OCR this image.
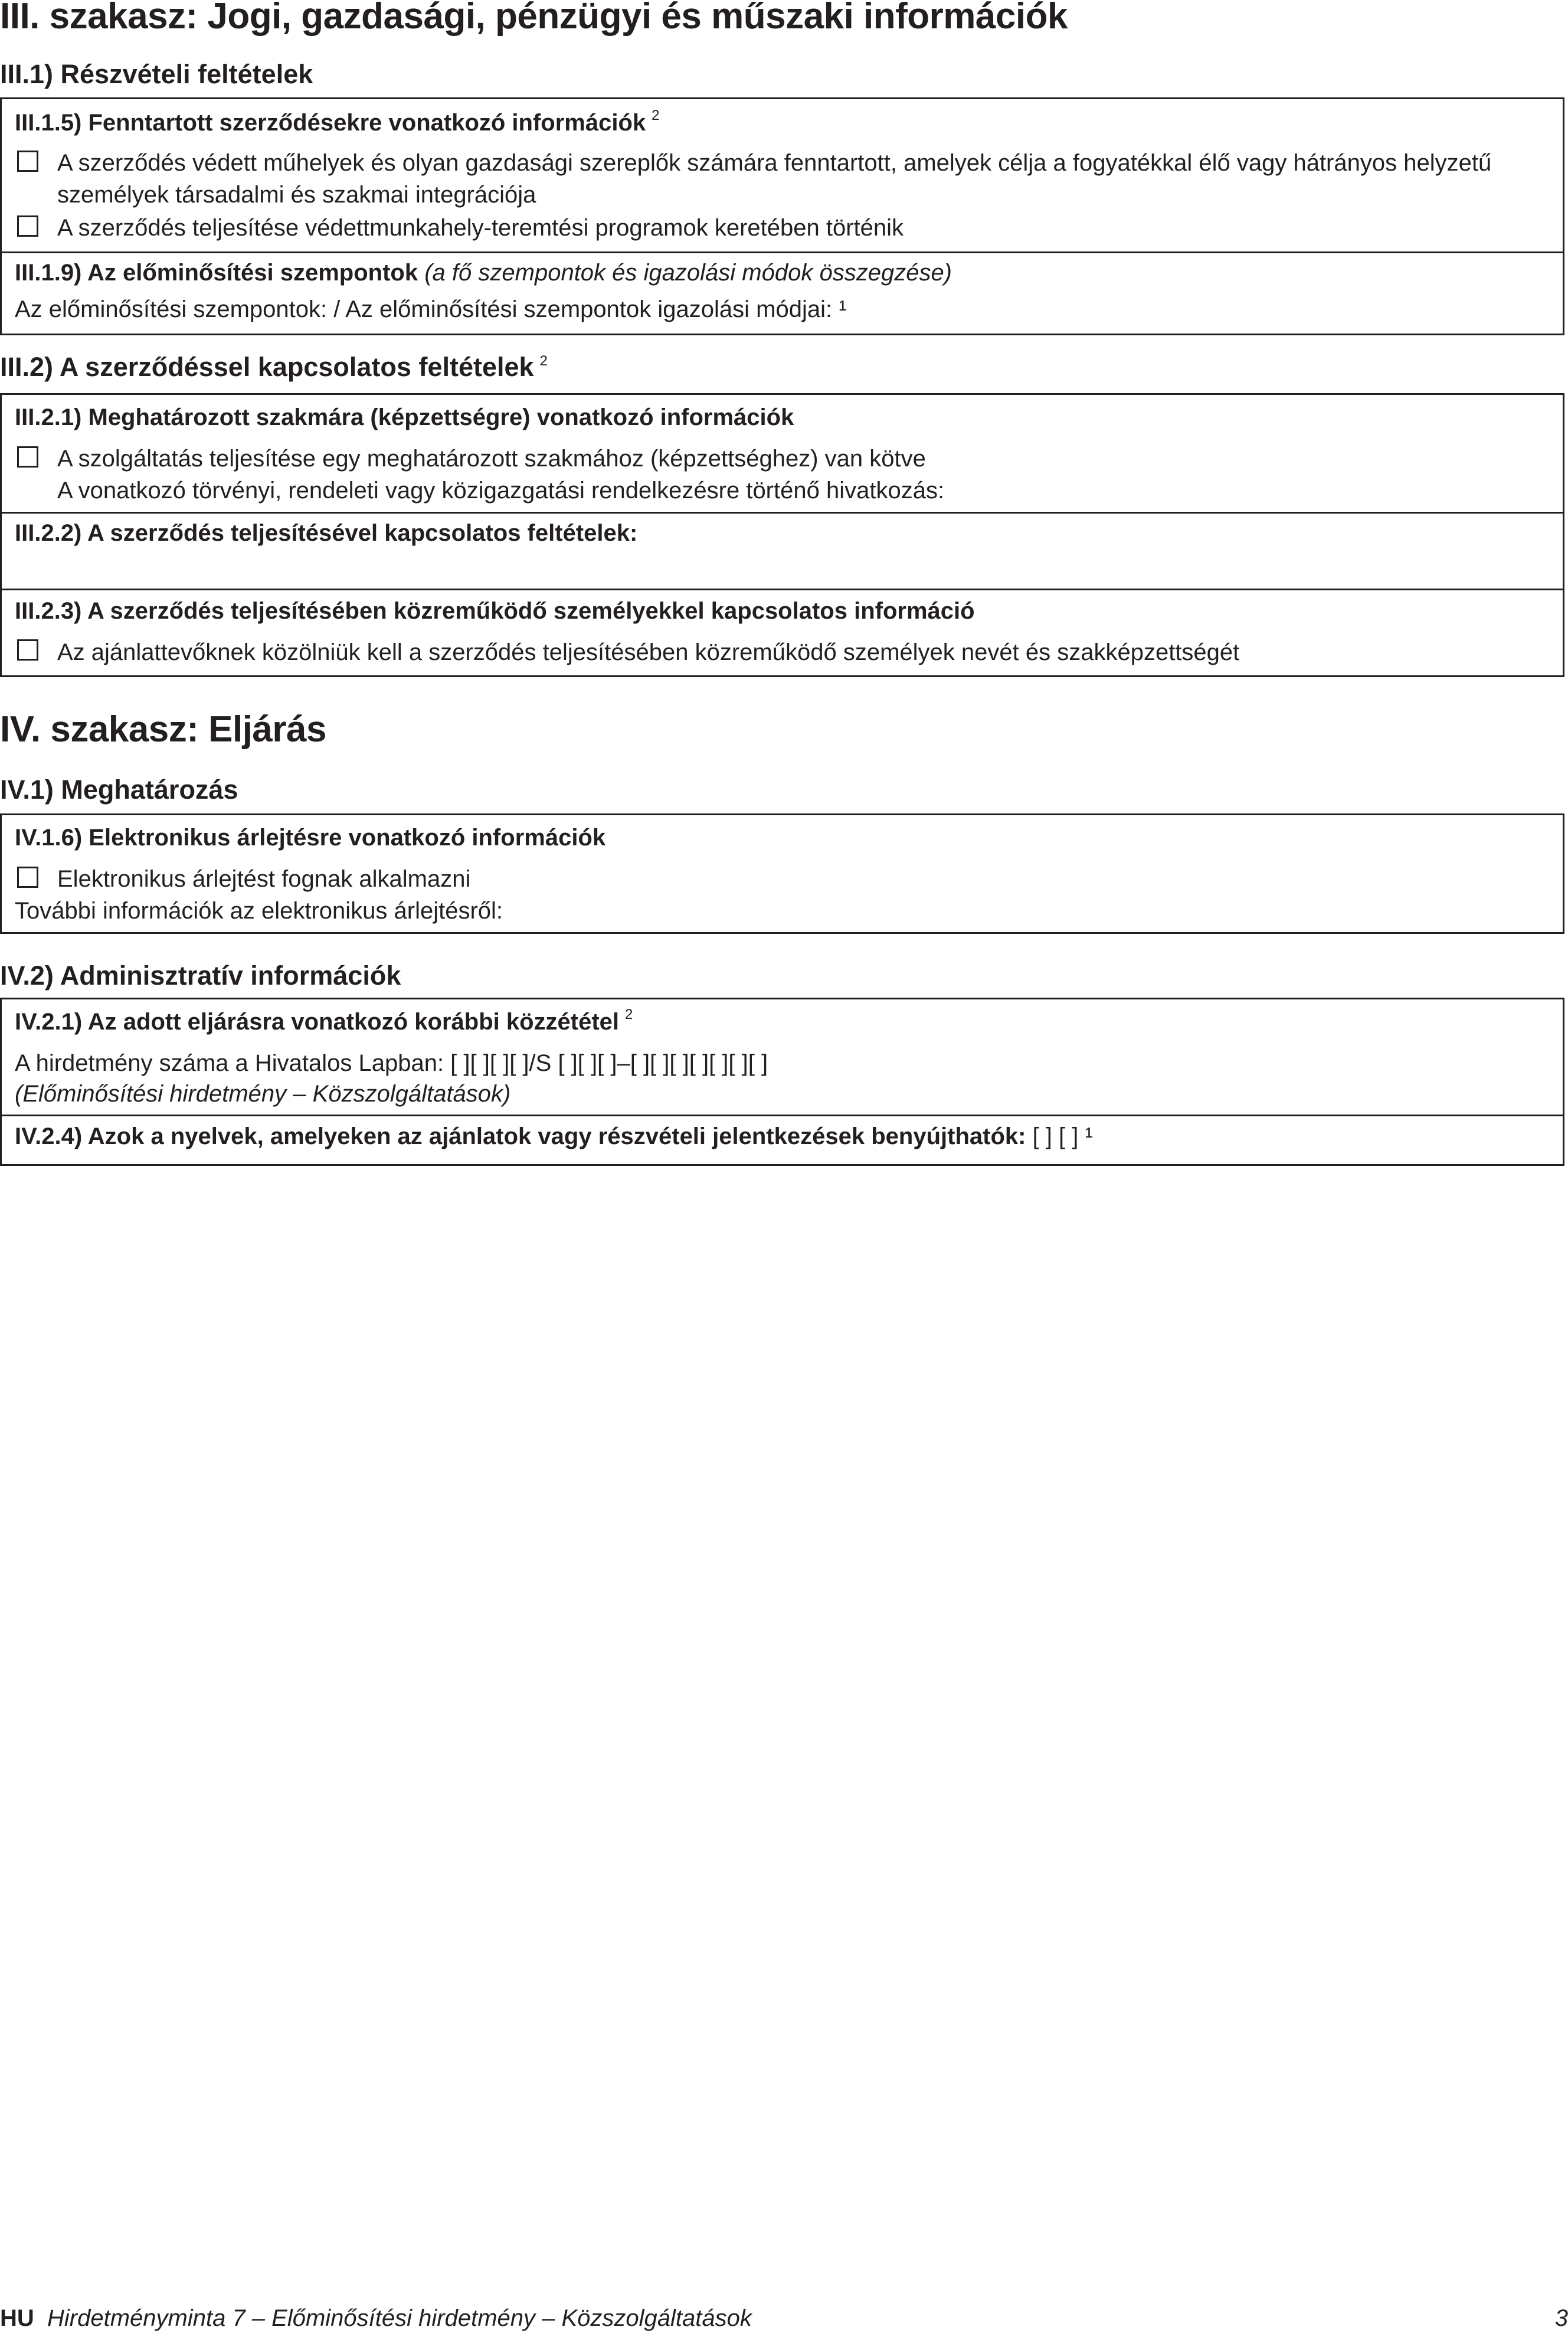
III. szakasz: Jogi, gazdasági, pénzügyi és műszaki információk
III.1) Részvételi feltételek
III.1.5) Fenntartott szerződésekre vonatkozó információk $^2$
A szerződés védett műhelyek és olyan gazdasági szereplők számára fenntartott, amelyek célja a fogyatékkal élő vagy hátrányos helyzetű
személyek társadalmi és szakmai integrációja
A szerződés teljesítése védettmunkahely-teremtési programok keretében történik
III.1.9) Az előminősítési szempontok (a fő szempontok és igazolási módok összegzése)
Az előminősítési szempontok: / Az előminősítési szempontok igazolási módjai: ¹
III.2) A szerződéssel kapcsolatos feltételek $^2$
III.2.1) Meghatározott szakmára (képzettségre) vonatkozó információk
A szolgáltatás teljesítése egy meghatározott szakmához (képzettséghez) van kötve
A vonatkozó törvényi, rendeleti vagy közigazgatási rendelkezésre történő hivatkozás:
III.2.2) A szerződés teljesítésével kapcsolatos feltételek:
III.2.3) A szerződés teljesítésében közreműködő személyekkel kapcsolatos információ
Az ajánlattevőknek közölniük kell a szerződés teljesítésében közreműködő személyek nevét és szakképzettségét
IV. szakasz: Eljárás
IV.1) Meghatározás
IV.1.6) Elektronikus árlejtésre vonatkozó információk
Elektronikus árlejtést fognak alkalmazni
További információk az elektronikus árlejtésről:
IV.2) Adminisztratív információk
IV.2.1) Az adott eljárásra vonatkozó korábbi közzététel $^2$
A hirdetmény száma a Hivatalos Lapban: [ ][ ][ ][ ]/S [ ][ ][ ]–[ ][ ][ ][ ][ ][ ][ ]
(Előminősítési hirdetmény – Közszolgáltatások)
IV.2.4) Azok a nyelvek, amelyeken az ajánlatok vagy részvételi jelentkezések benyújthatók: [ ] [ ] ¹
HU Hirdetményminta 7 – Előminősítési hirdetmény – Közszolgáltatások	3
